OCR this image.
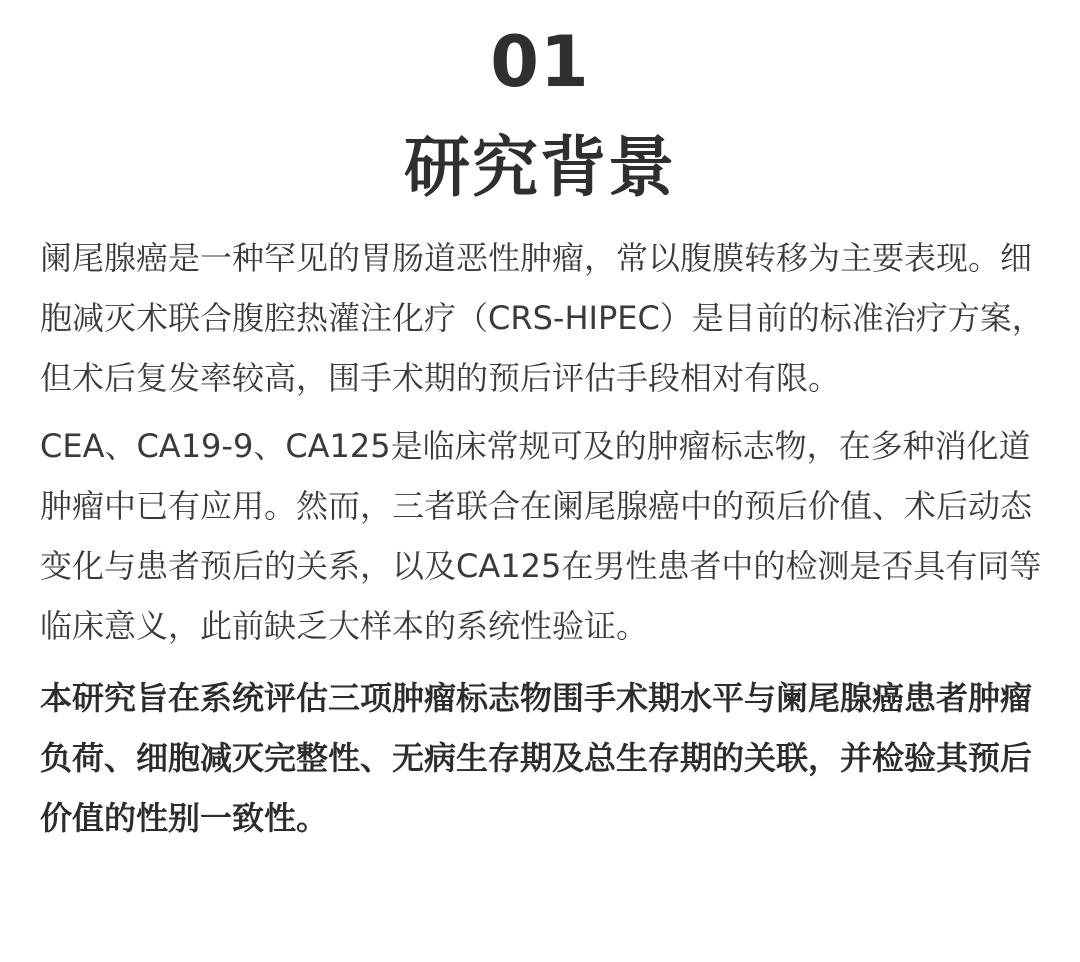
01
研究背景

阑尾腺癌是一种罕见的胃肠道恶性肿瘤，常以腹膜转移为主要表现。细胞减灭术联合腹腔热灌注化疗（CRS-HIPEC）是目前的标准治疗方案，但术后复发率较高，围手术期的预后评估手段相对有限。

CEA、CA19-9、CA125是临床常规可及的肿瘤标志物，在多种消化道肿瘤中已有应用。然而，三者联合在阑尾腺癌中的预后价值、术后动态变化与患者预后的关系，以及CA125在男性患者中的检测是否具有同等临床意义，此前缺乏大样本的系统性验证。

本研究旨在系统评估三项肿瘤标志物围手术期水平与阑尾腺癌患者肿瘤负荷、细胞减灭完整性、无病生存期及总生存期的关联，并检验其预后价值的性别一致性。
